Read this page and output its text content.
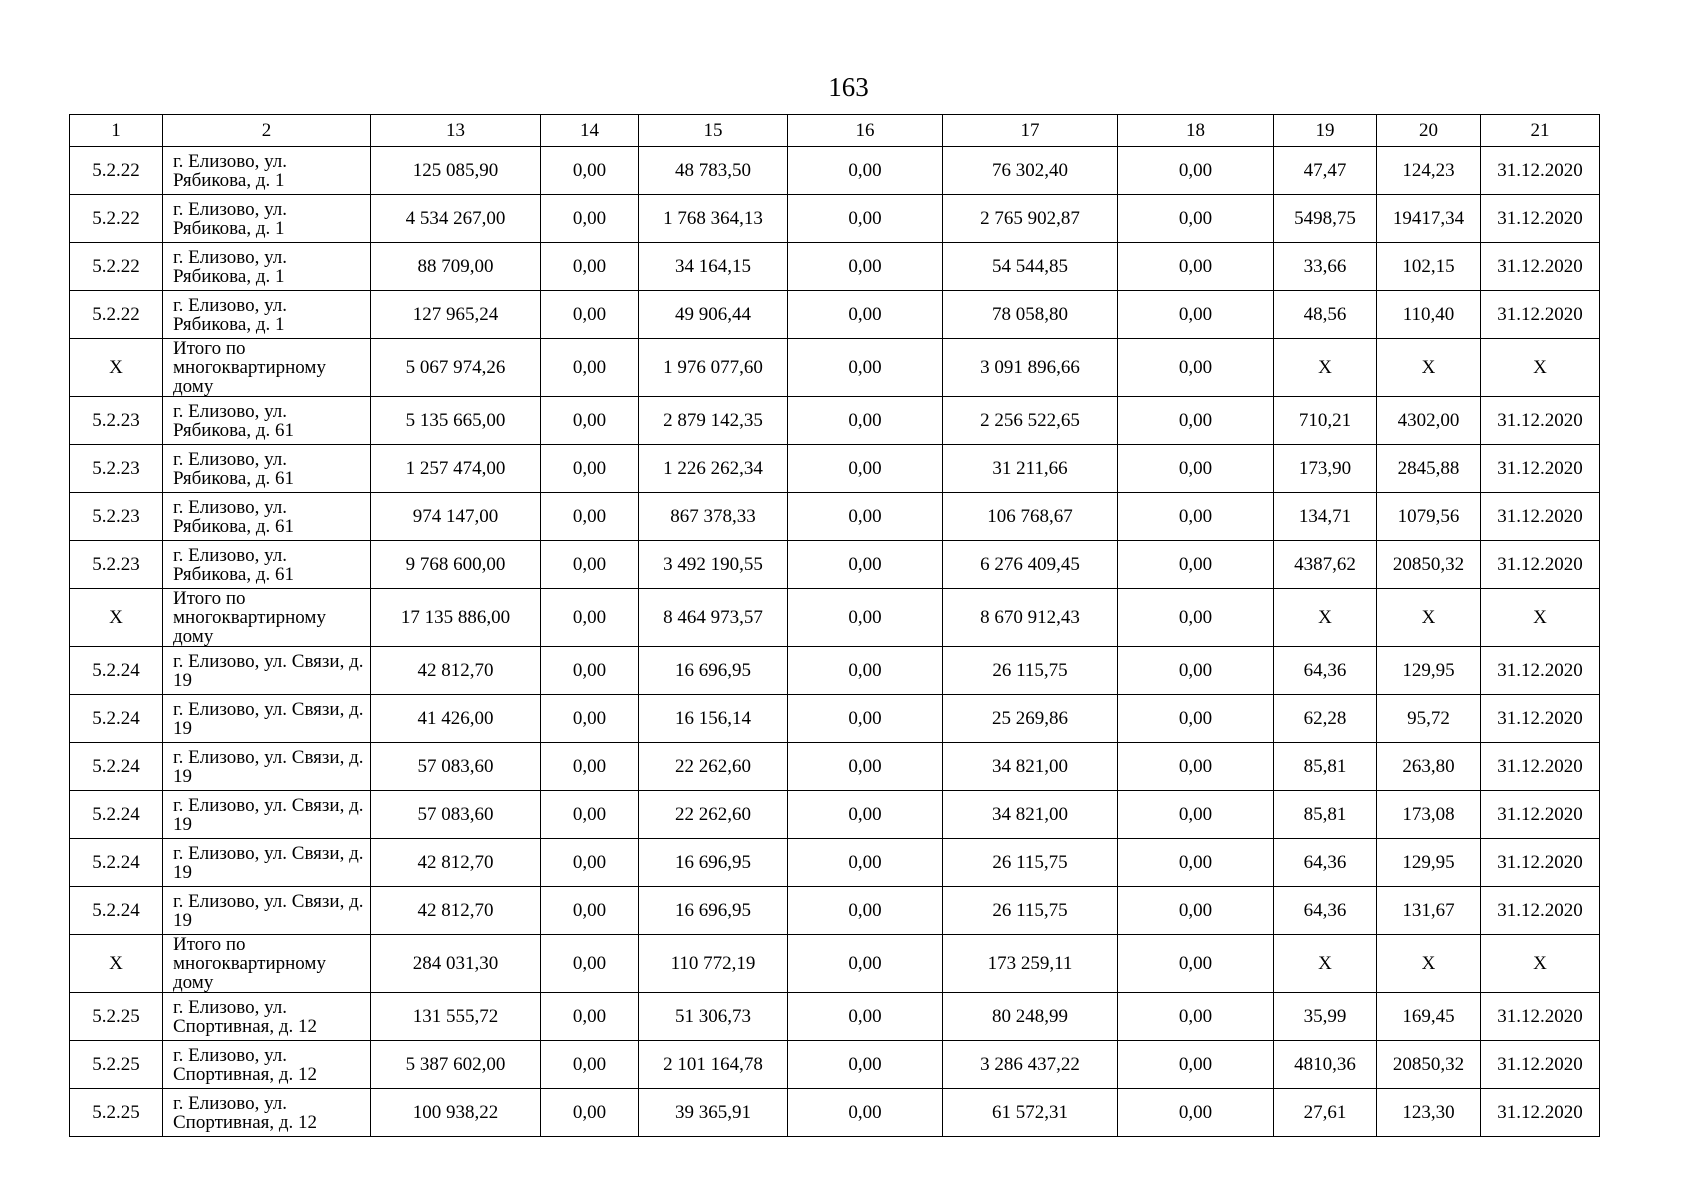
163
1	2	13	14	15	16	17	18	19	20	21
5.2.22	г. Елизово, ул. Рябикова, д. 1	125 085,90	0,00	48 783,50	0,00	76 302,40	0,00	47,47	124,23	31.12.2020
5.2.22	г. Елизово, ул. Рябикова, д. 1	4 534 267,00	0,00	1 768 364,13	0,00	2 765 902,87	0,00	5498,75	19417,34	31.12.2020
5.2.22	г. Елизово, ул. Рябикова, д. 1	88 709,00	0,00	34 164,15	0,00	54 544,85	0,00	33,66	102,15	31.12.2020
5.2.22	г. Елизово, ул. Рябикова, д. 1	127 965,24	0,00	49 906,44	0,00	78 058,80	0,00	48,56	110,40	31.12.2020
Х	Итого по многоквартирному дому	5 067 974,26	0,00	1 976 077,60	0,00	3 091 896,66	0,00	Х	Х	Х
5.2.23	г. Елизово, ул. Рябикова, д. 61	5 135 665,00	0,00	2 879 142,35	0,00	2 256 522,65	0,00	710,21	4302,00	31.12.2020
5.2.23	г. Елизово, ул. Рябикова, д. 61	1 257 474,00	0,00	1 226 262,34	0,00	31 211,66	0,00	173,90	2845,88	31.12.2020
5.2.23	г. Елизово, ул. Рябикова, д. 61	974 147,00	0,00	867 378,33	0,00	106 768,67	0,00	134,71	1079,56	31.12.2020
5.2.23	г. Елизово, ул. Рябикова, д. 61	9 768 600,00	0,00	3 492 190,55	0,00	6 276 409,45	0,00	4387,62	20850,32	31.12.2020
Х	Итого по многоквартирному дому	17 135 886,00	0,00	8 464 973,57	0,00	8 670 912,43	0,00	Х	Х	Х
5.2.24	г. Елизово, ул. Связи, д. 19	42 812,70	0,00	16 696,95	0,00	26 115,75	0,00	64,36	129,95	31.12.2020
5.2.24	г. Елизово, ул. Связи, д. 19	41 426,00	0,00	16 156,14	0,00	25 269,86	0,00	62,28	95,72	31.12.2020
5.2.24	г. Елизово, ул. Связи, д. 19	57 083,60	0,00	22 262,60	0,00	34 821,00	0,00	85,81	263,80	31.12.2020
5.2.24	г. Елизово, ул. Связи, д. 19	57 083,60	0,00	22 262,60	0,00	34 821,00	0,00	85,81	173,08	31.12.2020
5.2.24	г. Елизово, ул. Связи, д. 19	42 812,70	0,00	16 696,95	0,00	26 115,75	0,00	64,36	129,95	31.12.2020
5.2.24	г. Елизово, ул. Связи, д. 19	42 812,70	0,00	16 696,95	0,00	26 115,75	0,00	64,36	131,67	31.12.2020
Х	Итого по многоквартирному дому	284 031,30	0,00	110 772,19	0,00	173 259,11	0,00	Х	Х	Х
5.2.25	г. Елизово, ул. Спортивная, д. 12	131 555,72	0,00	51 306,73	0,00	80 248,99	0,00	35,99	169,45	31.12.2020
5.2.25	г. Елизово, ул. Спортивная, д. 12	5 387 602,00	0,00	2 101 164,78	0,00	3 286 437,22	0,00	4810,36	20850,32	31.12.2020
5.2.25	г. Елизово, ул. Спортивная, д. 12	100 938,22	0,00	39 365,91	0,00	61 572,31	0,00	27,61	123,30	31.12.2020
